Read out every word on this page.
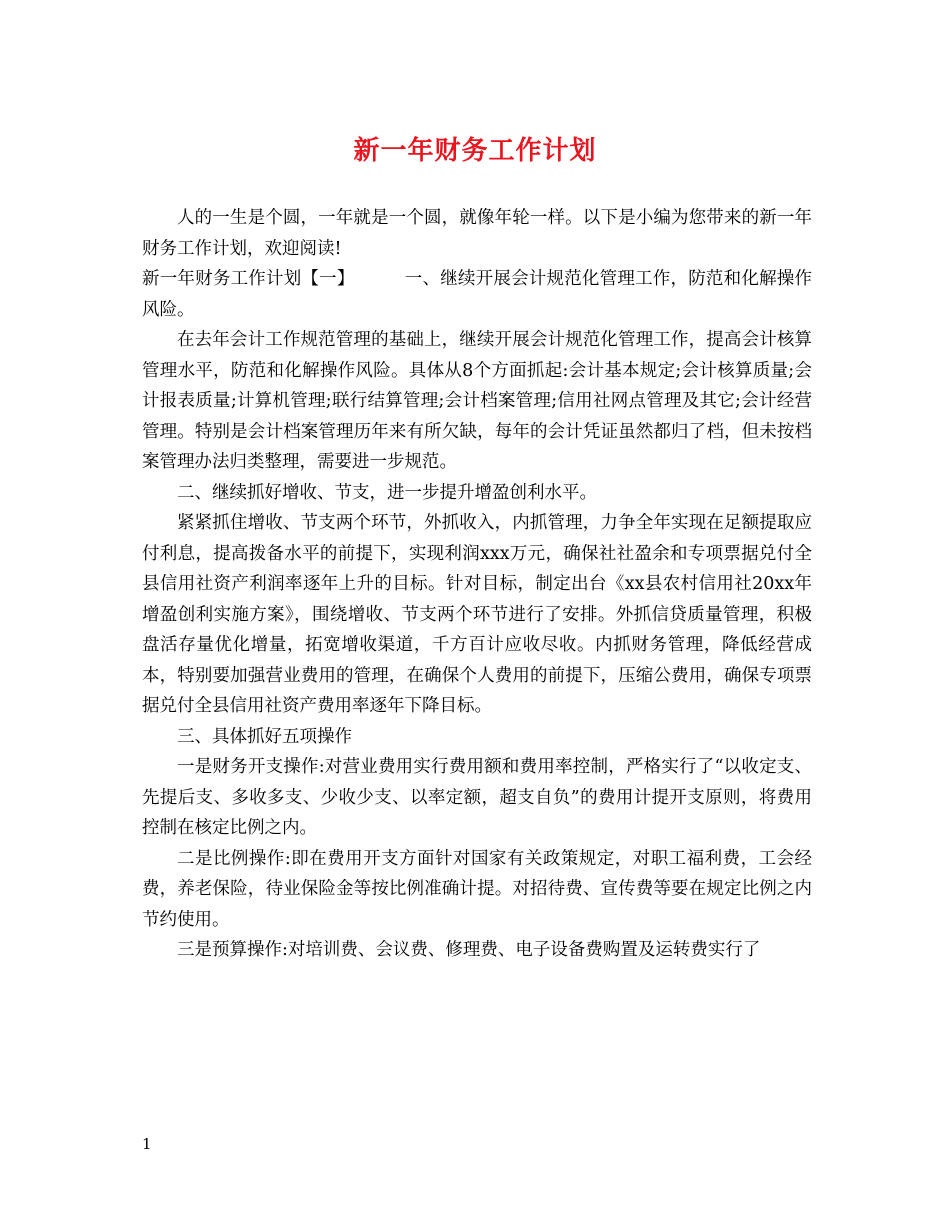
新一年财务工作计划

人的一生是个圆，一年就是一个圆，就像年轮一样。以下是小编为您带来的新一年财务工作计划，欢迎阅读!

新一年财务工作计划【一】	一、继续开展会计规范化管理工作，防范和化解操作风险。

在去年会计工作规范管理的基础上，继续开展会计规范化管理工作，提高会计核算管理水平，防范和化解操作风险。具体从8个方面抓起:会计基本规定;会计核算质量;会计报表质量;计算机管理;联行结算管理;会计档案管理;信用社网点管理及其它;会计经营管理。特别是会计档案管理历年来有所欠缺，每年的会计凭证虽然都归了档，但未按档案管理办法归类整理，需要进一步规范。

二、继续抓好增收、节支，进一步提升增盈创利水平。

紧紧抓住增收、节支两个环节，外抓收入，内抓管理，力争全年实现在足额提取应付利息，提高拨备水平的前提下，实现利润xxx万元，确保社社盈余和专项票据兑付全县信用社资产利润率逐年上升的目标。针对目标，制定出台《xx县农村信用社20xx年增盈创利实施方案》，围绕增收、节支两个环节进行了安排。外抓信贷质量管理，积极盘活存量优化增量，拓宽增收渠道，千方百计应收尽收。内抓财务管理，降低经营成本，特别要加强营业费用的管理，在确保个人费用的前提下，压缩公费用，确保专项票据兑付全县信用社资产费用率逐年下降目标。

三、具体抓好五项操作

一是财务开支操作:对营业费用实行费用额和费用率控制，严格实行了“以收定支、先提后支、多收多支、少收少支、以率定额，超支自负”的费用计提开支原则，将费用控制在核定比例之内。

二是比例操作:即在费用开支方面针对国家有关政策规定，对职工福利费，工会经费，养老保险，待业保险金等按比例准确计提。对招待费、宣传费等要在规定比例之内节约使用。

三是预算操作:对培训费、会议费、修理费、电子设备费购置及运转费实行了

1
